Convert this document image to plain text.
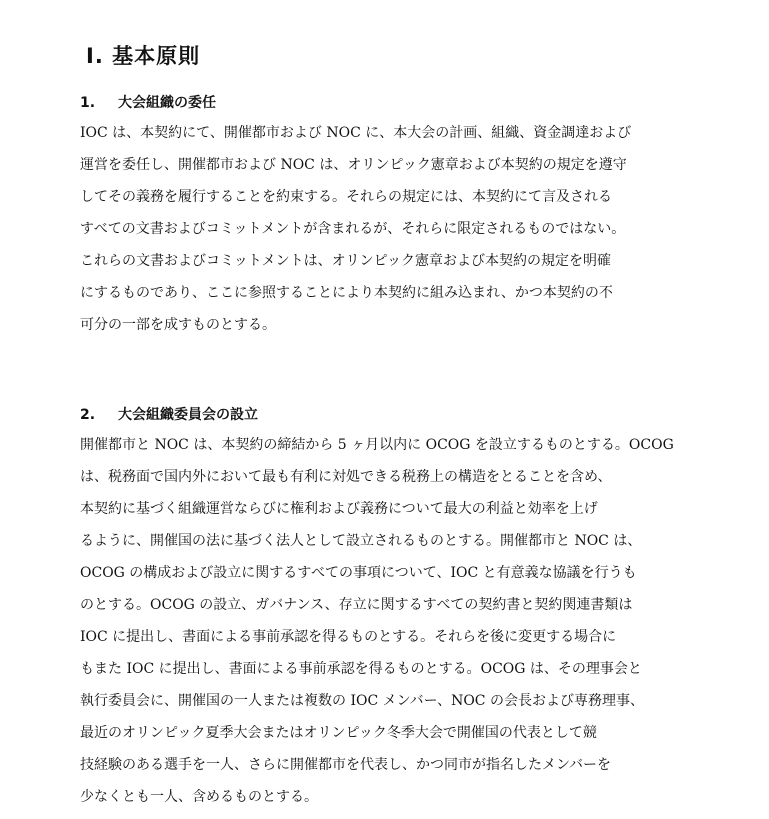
Ⅰ. 基本原則
1. 大会組織の委任

IOC は、本契約にて、開催都市および NOC に、本大会の計画、組織、資金調達および

運営を委任し、開催都市および NOC は、オリンピック憲章および本契約の規定を遵守

してその義務を履行することを約束する。それらの規定には、本契約にて言及される

すべての文書およびコミットメントが含まれるが、それらに限定されるものではない。

これらの文書およびコミットメントは、オリンピック憲章および本契約の規定を明確

にするものであり、ここに参照することにより本契約に組み込まれ、かつ本契約の不

可分の一部を成すものとする。

2. 大会組織委員会の設立

開催都市と NOC は、本契約の締結から 5 ヶ月以内に OCOG を設立するものとする。OCOG

は、税務面で国内外において最も有利に対処できる税務上の構造をとることを含め、

本契約に基づく組織運営ならびに権利および義務について最大の利益と効率を上げ

るように、開催国の法に基づく法人として設立されるものとする。開催都市と NOC は、

OCOG の構成および設立に関するすべての事項について、IOC と有意義な協議を行うも

のとする。OCOG の設立、ガバナンス、存立に関するすべての契約書と契約関連書類は

IOC に提出し、書面による事前承認を得るものとする。それらを後に変更する場合に

もまた IOC に提出し、書面による事前承認を得るものとする。OCOG は、その理事会と

執行委員会に、開催国の一人または複数の IOC メンバー、NOC の会長および専務理事、

最近のオリンピック夏季大会またはオリンピック冬季大会で開催国の代表として競

技経験のある選手を一人、さらに開催都市を代表し、かつ同市が指名したメンバーを

少なくとも一人、含めるものとする。
